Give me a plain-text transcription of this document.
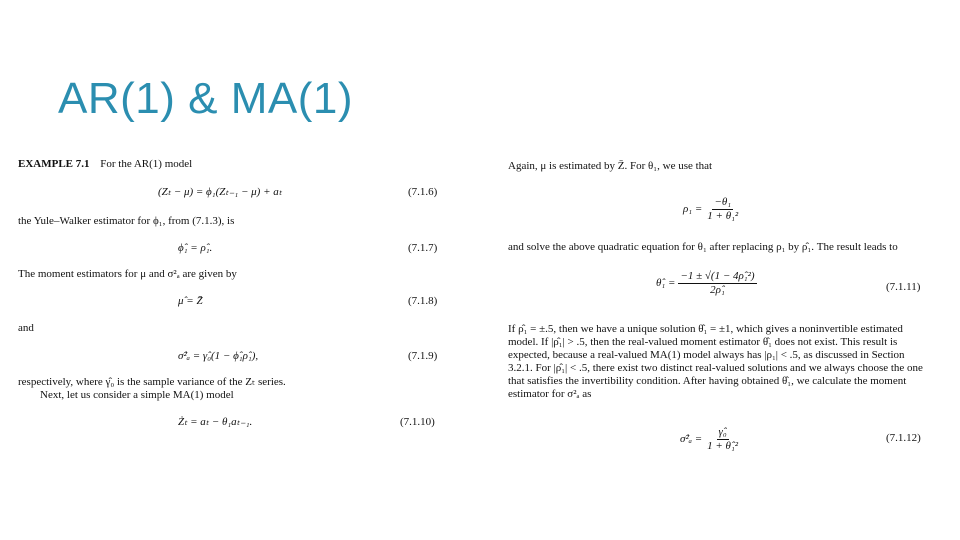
AR(1) & MA(1)
EXAMPLE 7.1 For the AR(1) model
(Zₜ − μ) = ϕ₁(Zₜ₋₁ − μ) + aₜ	(7.1.6)
the Yule–Walker estimator for ϕ₁, from (7.1.3), is
ϕ̂₁ = ρ̂₁.	(7.1.7)
The moment estimators for μ and σ²ₐ are given by
μ̂ = Z̄	(7.1.8)
and
σ̂²ₐ = γ̂₀(1 − ϕ̂₁ρ̂₁),	(7.1.9)
respectively, where γ̂₀ is the sample variance of the Zₜ series.
Next, let us consider a simple MA(1) model
Żₜ = aₜ − θ₁aₜ₋₁.	(7.1.10)
Again, μ is estimated by Z̄. For θ₁, we use that
$\rho_1 = \frac{\text{−θ₁}}{\text{1 + θ₁²}}$
and solve the above quadratic equation for θ₁ after replacing ρ₁ by ρ̂₁. The result leads to
θ̂₁ = $\frac{\text{−1 ± √(1 − 4ρ̂₁²)}}{\text{2ρ̂₁}}$	(7.1.11)
If ρ̂₁ = ±.5, then we have a unique solution θ̂₁ = ±1, which gives a noninvertible estimated model. If |ρ̂₁| > .5, then the real-valued moment estimator θ̂₁ does not exist. This result is expected, because a real-valued MA(1) model always has |ρ₁| < .5, as discussed in Section 3.2.1. For |ρ̂₁| < .5, there exist two distinct real-valued solutions and we always choose the one that satisfies the invertibility condition. After having obtained θ̂₁, we calculate the moment estimator for σ²ₐ as
σ̂²ₐ = $\frac{\text{γ̂₀}}{\text{1 + θ̂₁²}}$	(7.1.12)
